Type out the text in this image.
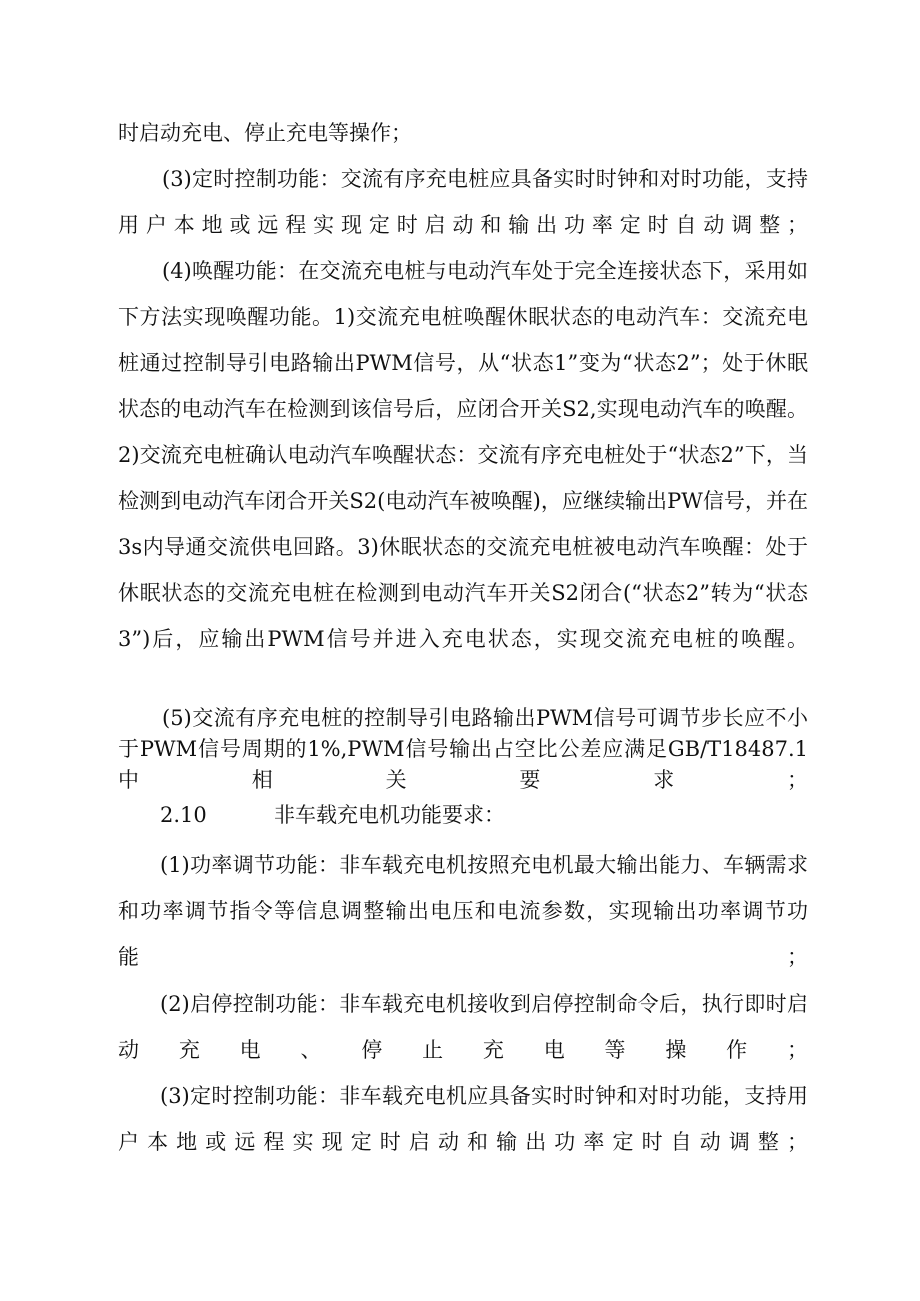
时启动充电、停止充电等操作；

(3)定时控制功能：交流有序充电桩应具备实时时钟和对时功能，支持用户本地或远程实现定时启动和输出功率定时自动调整；

(4)唤醒功能：在交流充电桩与电动汽车处于完全连接状态下，采用如下方法实现唤醒功能。1)交流充电桩唤醒休眠状态的电动汽车：交流充电桩通过控制导引电路输出PWM信号，从“状态1”变为“状态2”；处于休眠状态的电动汽车在检测到该信号后，应闭合开关S2,实现电动汽车的唤醒。2)交流充电桩确认电动汽车唤醒状态：交流有序充电桩处于“状态2”下，当检测到电动汽车闭合开关S2(电动汽车被唤醒)，应继续输出PW信号，并在3s内导通交流供电回路。3)休眠状态的交流充电桩被电动汽车唤醒：处于休眠状态的交流充电桩在检测到电动汽车开关S2闭合(“状态2”转为“状态3”)后，应输出PWM信号并进入充电状态，实现交流充电桩的唤醒。

(5)交流有序充电桩的控制导引电路输出PWM信号可调节步长应不小于PWM信号周期的1%,PWM信号输出占空比公差应满足GB/T18487.1中相关要求；

2.10	非车载充电机功能要求：

(1)功率调节功能：非车载充电机按照充电机最大输出能力、车辆需求和功率调节指令等信息调整输出电压和电流参数，实现输出功率调节功能；

(2)启停控制功能：非车载充电机接收到启停控制命令后，执行即时启动充电、停止充电等操作；

(3)定时控制功能：非车载充电机应具备实时时钟和对时功能，支持用户本地或远程实现定时启动和输出功率定时自动调整；
